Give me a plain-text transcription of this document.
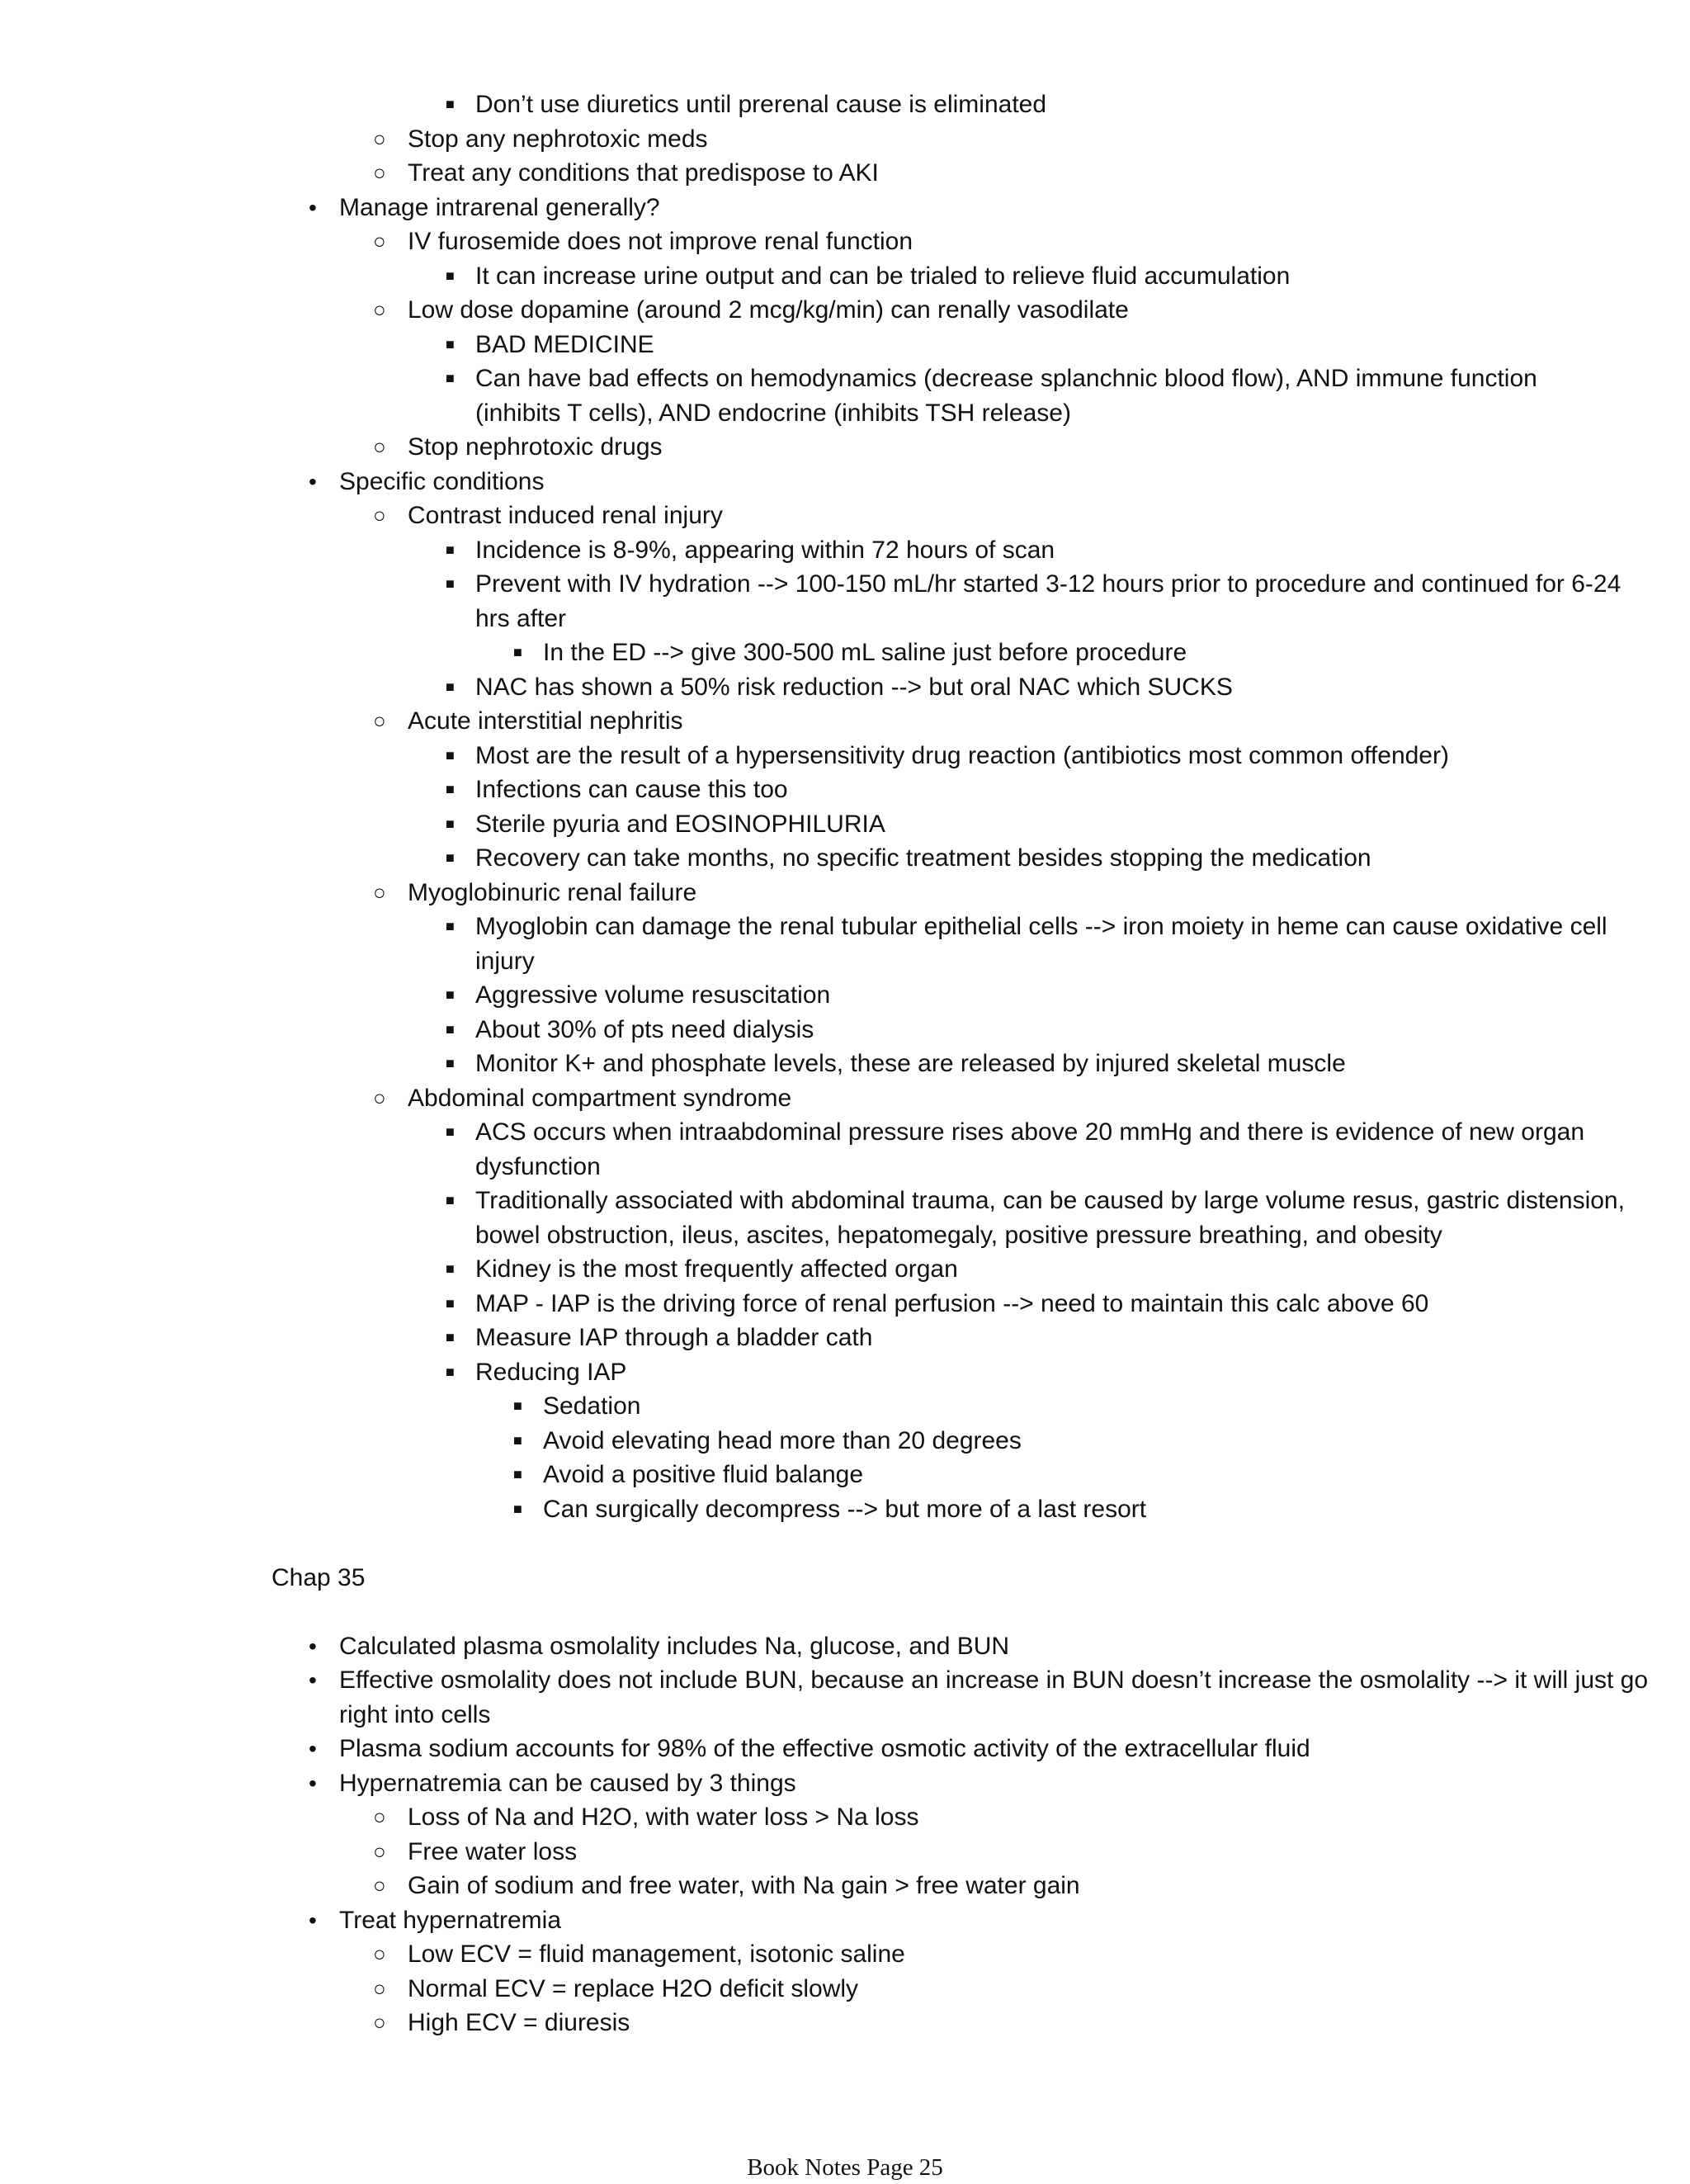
■ Don’t use diuretics until prerenal cause is eliminated
○ Stop any nephrotoxic meds
○ Treat any conditions that predispose to AKI
• Manage intrarenal generally?
○ IV furosemide does not improve renal function
■ It can increase urine output and can be trialed to relieve fluid accumulation
○ Low dose dopamine (around 2 mcg/kg/min) can renally vasodilate
■ BAD MEDICINE
■ Can have bad effects on hemodynamics (decrease splanchnic blood flow), AND immune function (inhibits T cells), AND endocrine (inhibits TSH release)
○ Stop nephrotoxic drugs
• Specific conditions
○ Contrast induced renal injury
■ Incidence is 8-9%, appearing within 72 hours of scan
■ Prevent with IV hydration --> 100-150 mL/hr started 3-12 hours prior to procedure and continued for 6-24 hrs after
■ In the ED --> give 300-500 mL saline just before procedure
■ NAC has shown a 50% risk reduction --> but oral NAC which SUCKS
○ Acute interstitial nephritis
■ Most are the result of a hypersensitivity drug reaction (antibiotics most common offender)
■ Infections can cause this too
■ Sterile pyuria and EOSINOPHILURIA
■ Recovery can take months, no specific treatment besides stopping the medication
○ Myoglobinuric renal failure
■ Myoglobin can damage the renal tubular epithelial cells --> iron moiety in heme can cause oxidative cell injury
■ Aggressive volume resuscitation
■ About 30% of pts need dialysis
■ Monitor K+ and phosphate levels, these are released by injured skeletal muscle
○ Abdominal compartment syndrome
■ ACS occurs when intraabdominal pressure rises above 20 mmHg and there is evidence of new organ dysfunction
■ Traditionally associated with abdominal trauma, can be caused by large volume resus, gastric distension, bowel obstruction, ileus, ascites, hepatomegaly, positive pressure breathing, and obesity
■ Kidney is the most frequently affected organ
■ MAP - IAP is the driving force of renal perfusion --> need to maintain this calc above 60
■ Measure IAP through a bladder cath
■ Reducing IAP
■ Sedation
■ Avoid elevating head more than 20 degrees
■ Avoid a positive fluid balange
■ Can surgically decompress --> but more of a last resort
Chap 35
• Calculated plasma osmolality includes Na, glucose, and BUN
• Effective osmolality does not include BUN, because an increase in BUN doesn’t increase the osmolality --> it will just go right into cells
• Plasma sodium accounts for 98% of the effective osmotic activity of the extracellular fluid
• Hypernatremia can be caused by 3 things
○ Loss of Na and H2O, with water loss > Na loss
○ Free water loss
○ Gain of sodium and free water, with Na gain > free water gain
• Treat hypernatremia
○ Low ECV = fluid management, isotonic saline
○ Normal ECV = replace H2O deficit slowly
○ High ECV = diuresis
Book Notes Page 25
